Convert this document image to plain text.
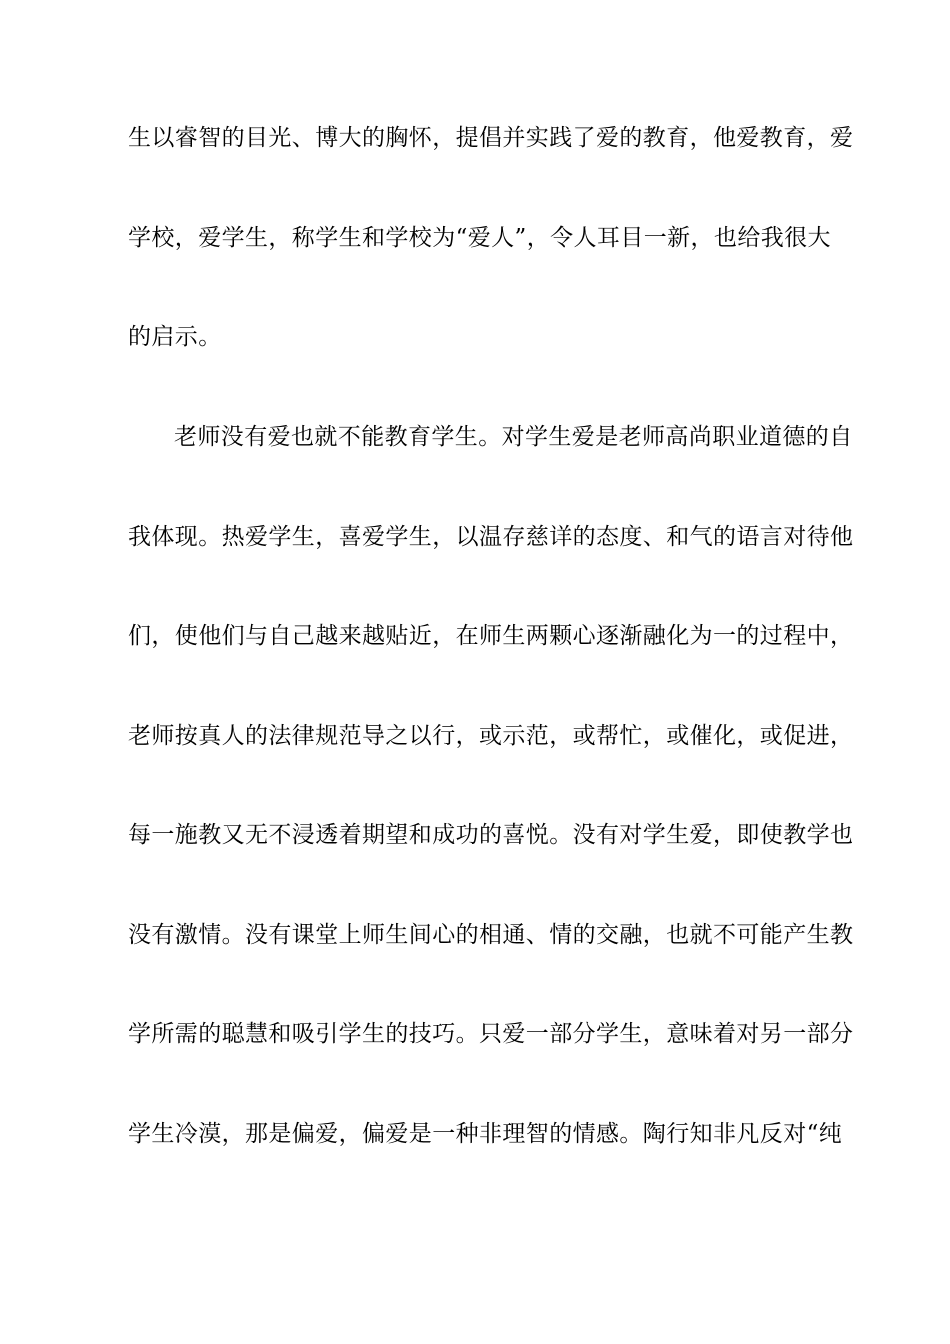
生以睿智的目光、博大的胸怀，提倡并实践了爱的教育，他爱教育，爱
学校，爱学生，称学生和学校为“爱人”，令人耳目一新，也给我很大
的启示。
老师没有爱也就不能教育学生。对学生爱是老师高尚职业道德的自
我体现。热爱学生，喜爱学生，以温存慈详的态度、和气的语言对待他
们，使他们与自己越来越贴近，在师生两颗心逐渐融化为一的过程中，
老师按真人的法律规范导之以行，或示范，或帮忙，或催化，或促进，
每一施教又无不浸透着期望和成功的喜悦。没有对学生爱，即使教学也
没有激情。没有课堂上师生间心的相通、情的交融，也就不可能产生教
学所需的聪慧和吸引学生的技巧。只爱一部分学生，意味着对另一部分
学生冷漠，那是偏爱，偏爱是一种非理智的情感。陶行知非凡反对“纯
